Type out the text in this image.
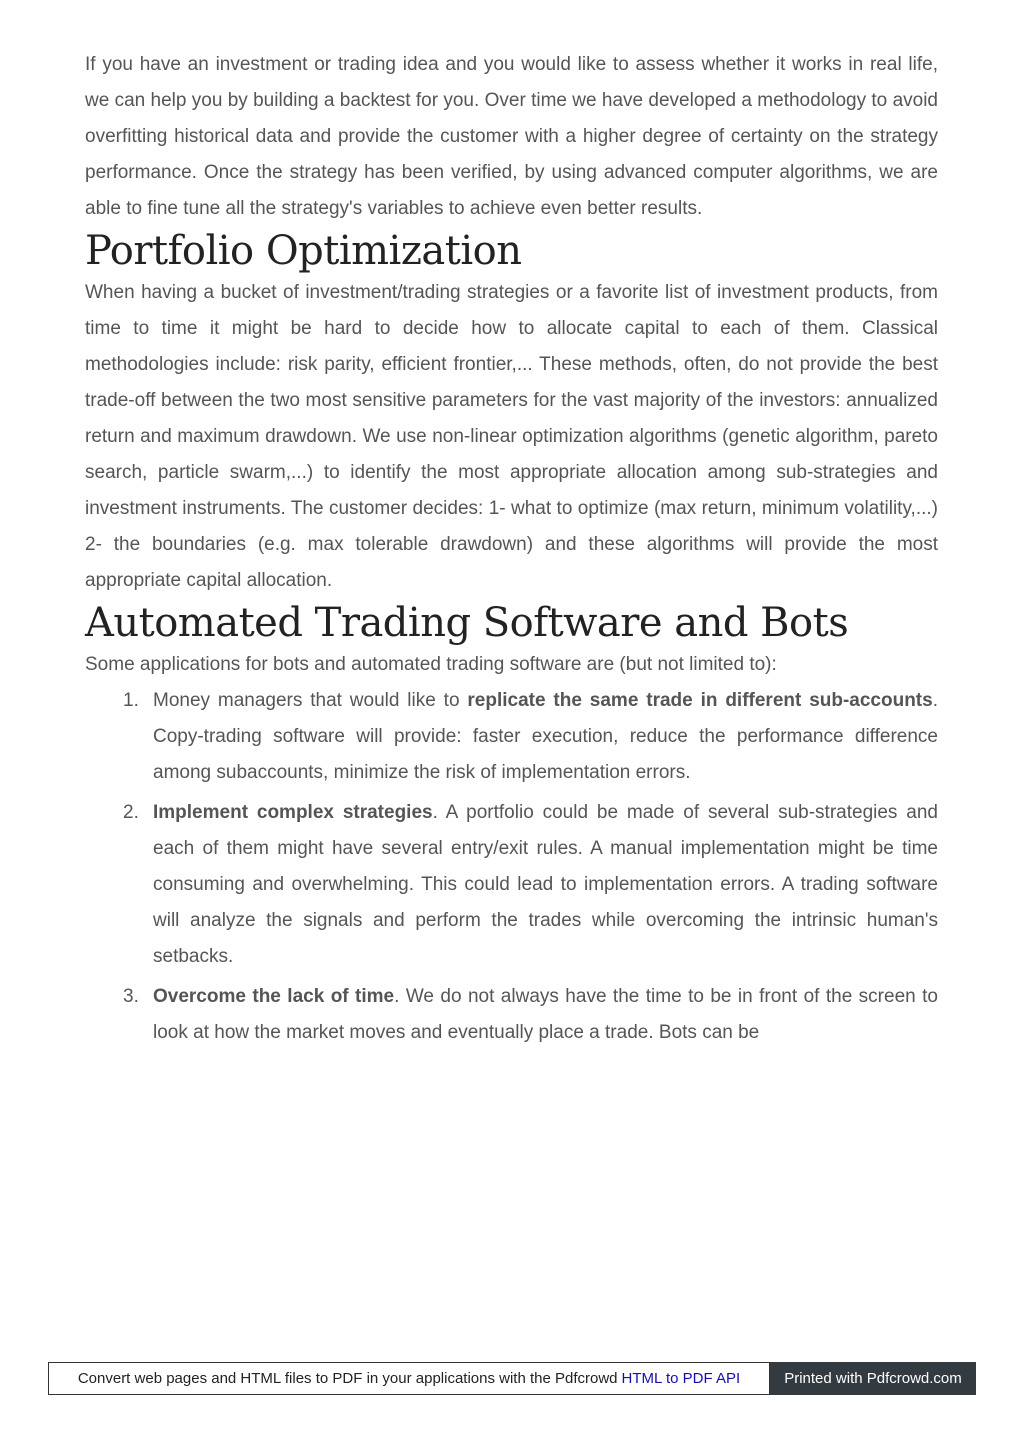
If you have an investment or trading idea and you would like to assess whether it works in real life, we can help you by building a backtest for you. Over time we have developed a methodology to avoid overfitting historical data and provide the customer with a higher degree of certainty on the strategy performance. Once the strategy has been verified, by using advanced computer algorithms, we are able to fine tune all the strategy's variables to achieve even better results.

Portfolio Optimization

When having a bucket of investment/trading strategies or a favorite list of investment products, from time to time it might be hard to decide how to allocate capital to each of them. Classical methodologies include: risk parity, efficient frontier,... These methods, often, do not provide the best trade-off between the two most sensitive parameters for the vast majority of the investors: annualized return and maximum drawdown. We use non-linear optimization algorithms (genetic algorithm, pareto search, particle swarm,...) to identify the most appropriate allocation among sub-strategies and investment instruments. The customer decides: 1- what to optimize (max return, minimum volatility,...) 2- the boundaries (e.g. max tolerable drawdown) and these algorithms will provide the most appropriate capital allocation.

Automated Trading Software and Bots

Some applications for bots and automated trading software are (but not limited to):

1. Money managers that would like to replicate the same trade in different sub-accounts. Copy-trading software will provide: faster execution, reduce the performance difference among subaccounts, minimize the risk of implementation errors.
2. Implement complex strategies. A portfolio could be made of several sub-strategies and each of them might have several entry/exit rules. A manual implementation might be time consuming and overwhelming. This could lead to implementation errors. A trading software will analyze the signals and perform the trades while overcoming the intrinsic human's setbacks.
3. Overcome the lack of time. We do not always have the time to be in front of the screen to look at how the market moves and eventually place a trade. Bots can be
Convert web pages and HTML files to PDF in your applications with the Pdfcrowd HTML to PDF API	Printed with Pdfcrowd.com
